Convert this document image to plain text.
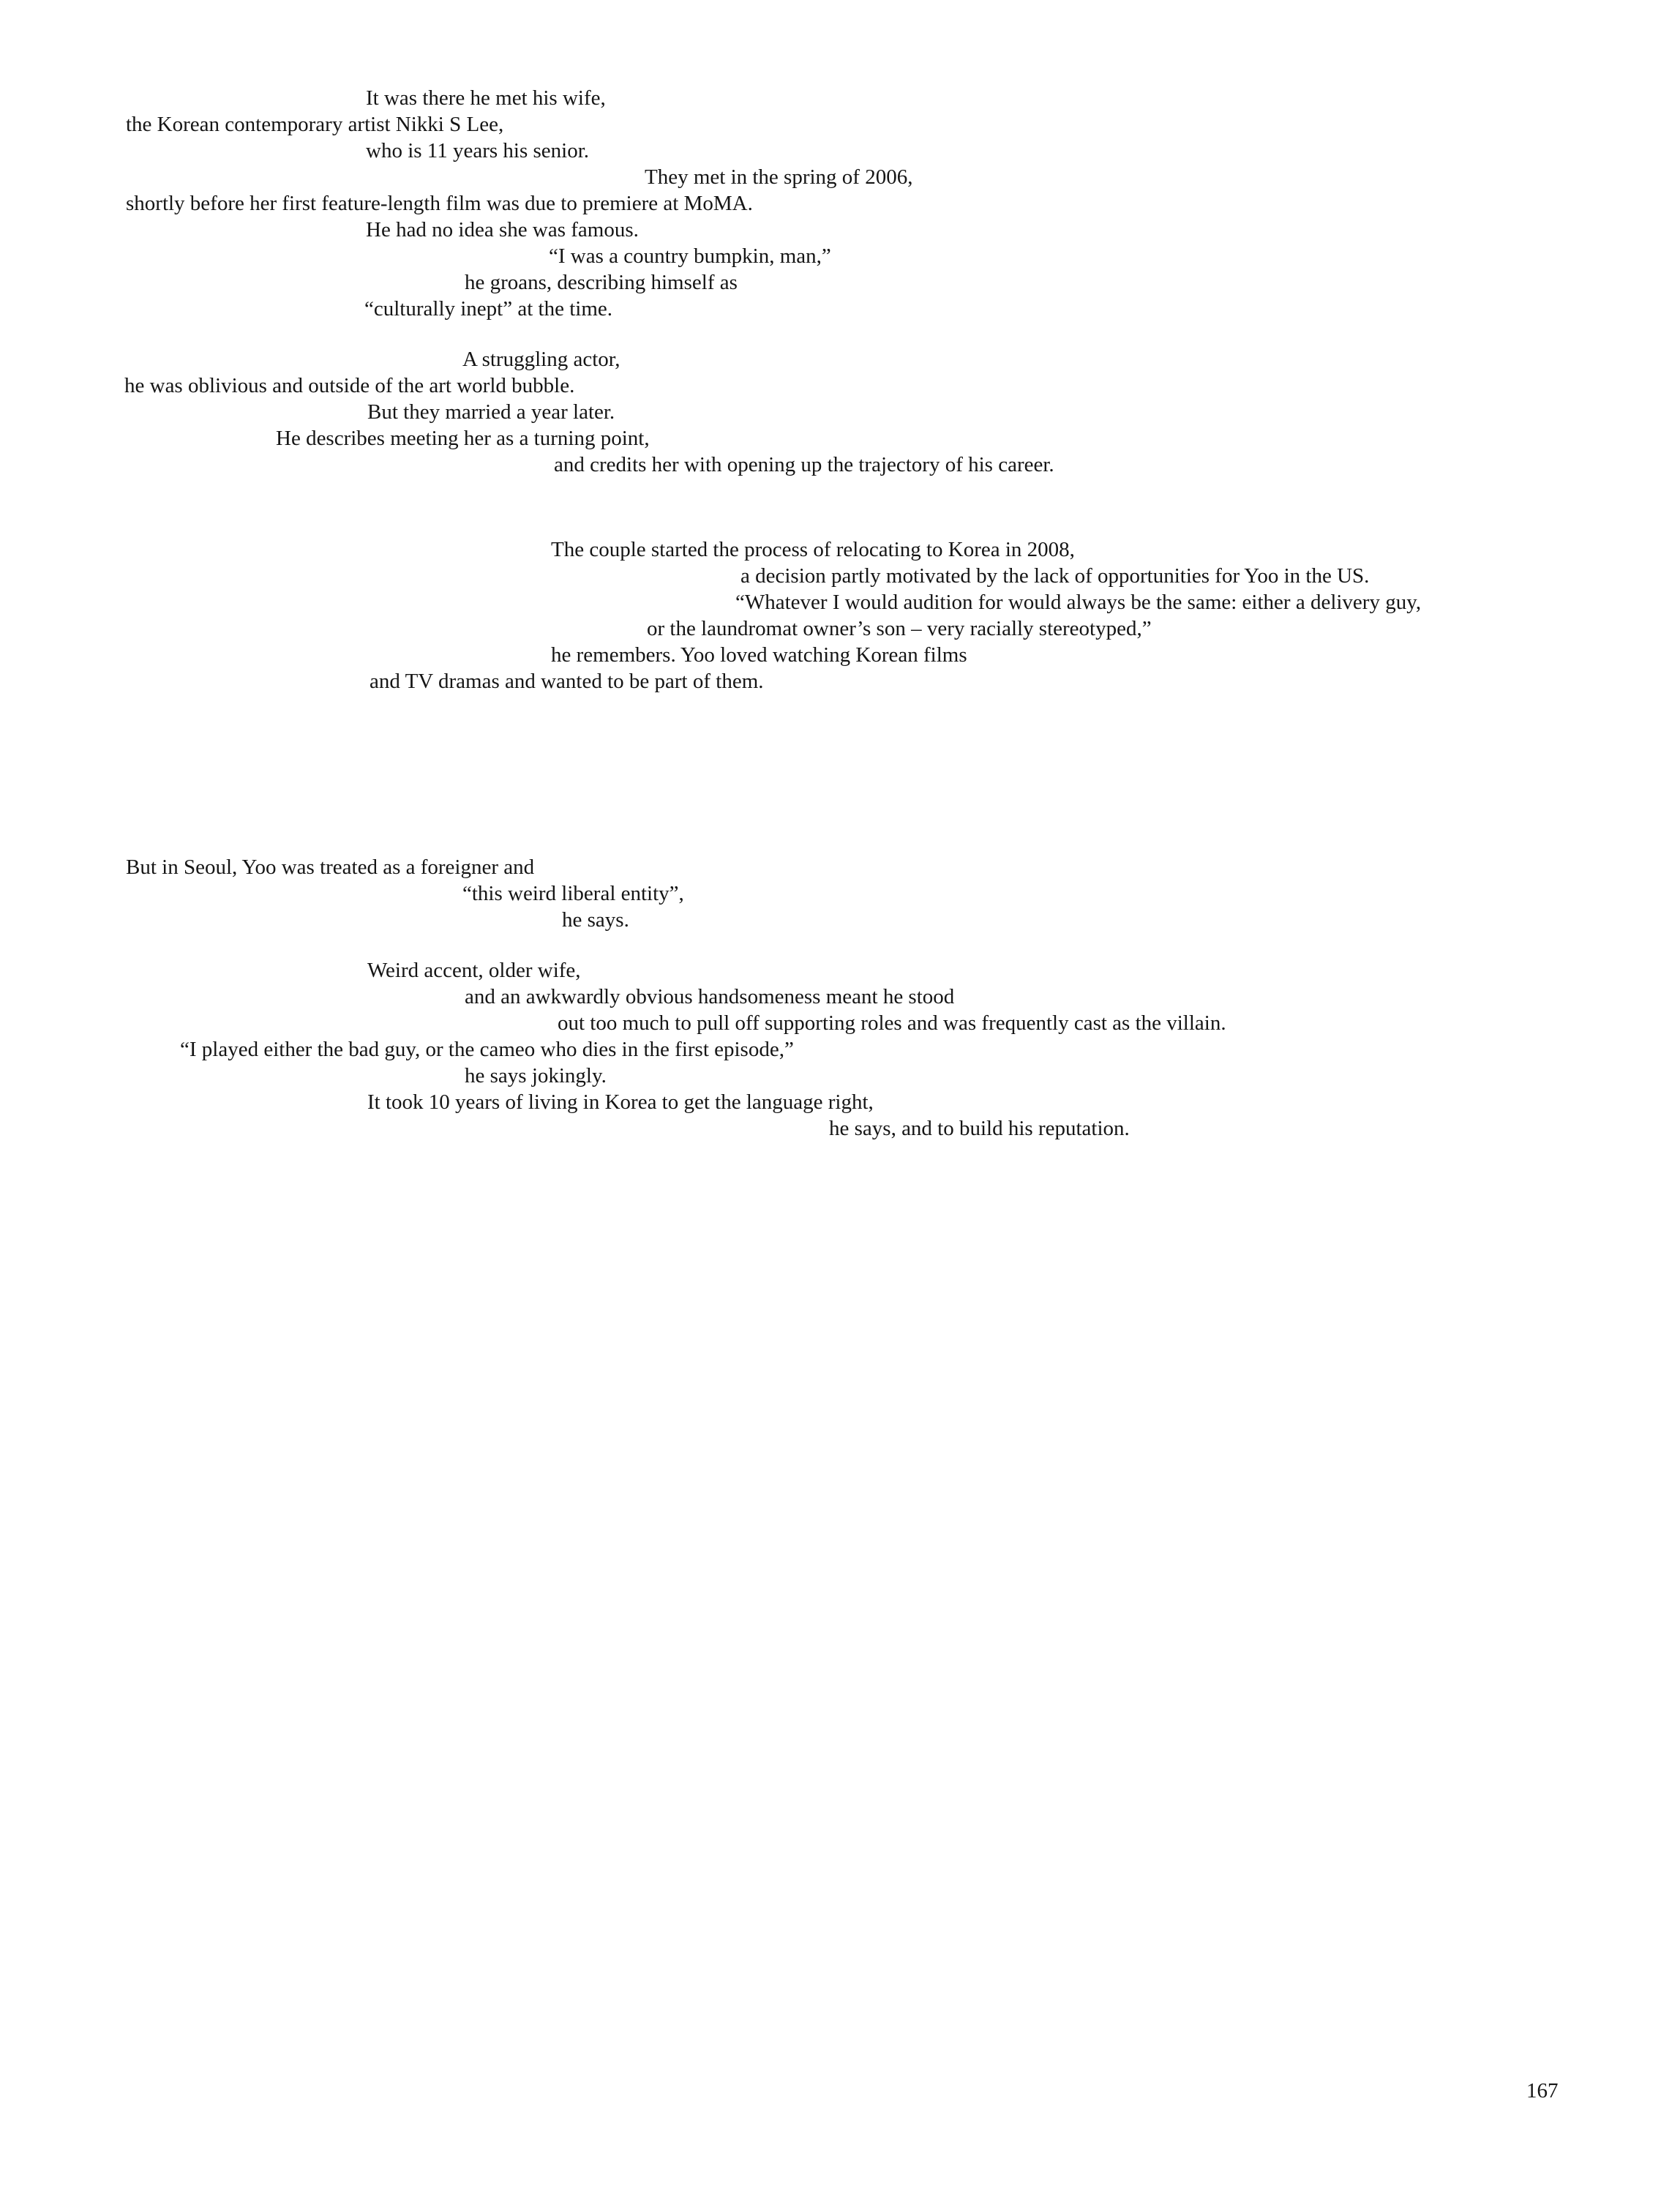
It was there he met his wife,
the Korean contemporary artist Nikki S Lee,
who is 11 years his senior.
They met in the spring of 2006,
shortly before her first feature-length film was due to premiere at MoMA.
He had no idea she was famous.
“I was a country bumpkin, man,”
he groans, describing himself as
“culturally inept” at the time.
A struggling actor,
he was oblivious and outside of the art world bubble.
But they married a year later.
He describes meeting her as a turning point,
and credits her with opening up the trajectory of his career.
The couple started the process of relocating to Korea in 2008,
a decision partly motivated by the lack of opportunities for Yoo in the US.
“Whatever I would audition for would always be the same: either a delivery guy,
or the laundromat owner’s son – very racially stereotyped,”
he remembers. Yoo loved watching Korean films
and TV dramas and wanted to be part of them.
But in Seoul, Yoo was treated as a foreigner and
“this weird liberal entity”,
he says.
Weird accent, older wife,
and an awkwardly obvious handsomeness meant he stood
out too much to pull off supporting roles and was frequently cast as the villain.
“I played either the bad guy, or the cameo who dies in the first episode,”
he says jokingly.
It took 10 years of living in Korea to get the language right,
he says, and to build his reputation.
167
